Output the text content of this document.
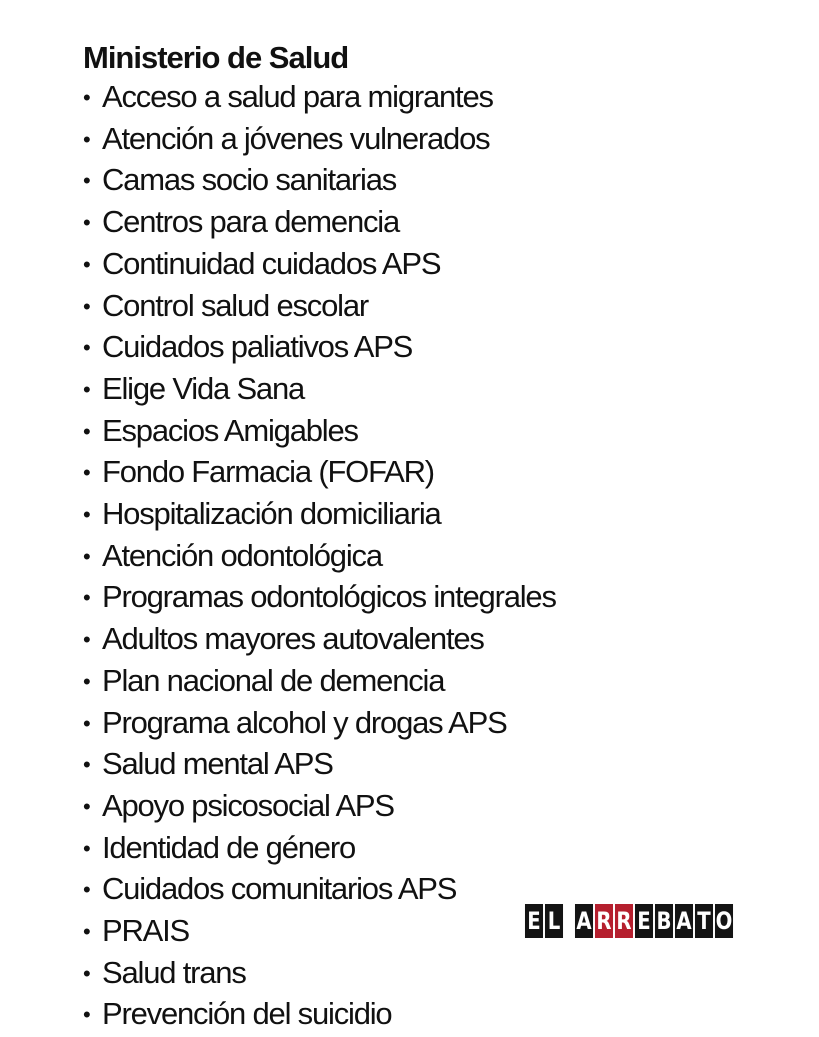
Ministerio de Salud
• Acceso a salud para migrantes
• Atención a jóvenes vulnerados
• Camas socio sanitarias
• Centros para demencia
• Continuidad cuidados APS
• Control salud escolar
• Cuidados paliativos APS
• Elige Vida Sana
• Espacios Amigables
• Fondo Farmacia (FOFAR)
• Hospitalización domiciliaria
• Atención odontológica
• Programas odontológicos integrales
• Adultos mayores autovalentes
• Plan nacional de demencia
• Programa alcohol y drogas APS
• Salud mental APS
• Apoyo psicosocial APS
• Identidad de género
• Cuidados comunitarios APS
• PRAIS
• Salud trans
• Prevención del suicidio
E L A R R E B A T O
